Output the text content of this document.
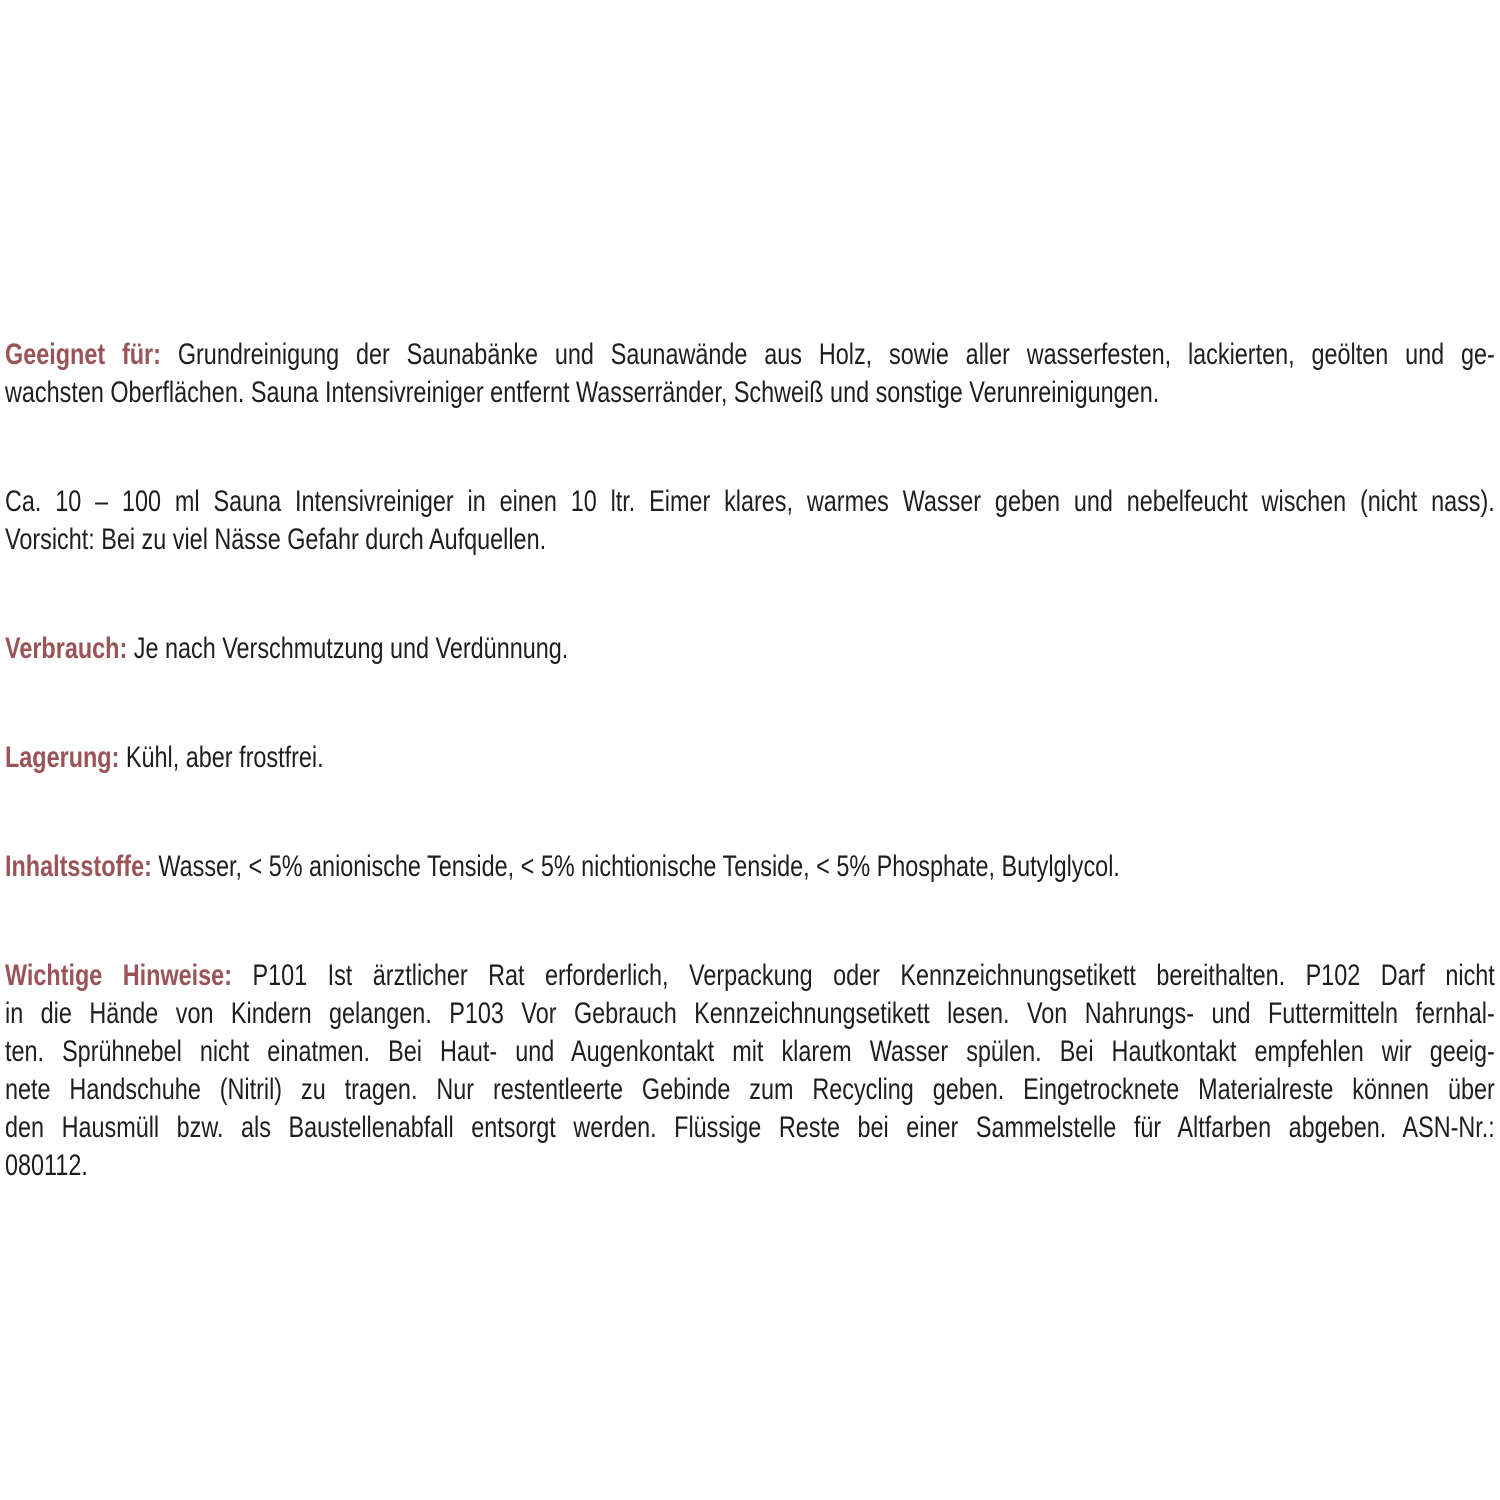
Geeignet für: Grundreinigung der Saunabänke und Saunawände aus Holz, sowie aller wasserfesten, lackierten, geölten und ge-
wachsten Oberflächen. Sauna Intensivreiniger entfernt Wasserränder, Schweiß und sonstige Verunreinigungen.
Ca. 10 – 100 ml Sauna Intensivreiniger in einen 10 ltr. Eimer klares, warmes Wasser geben und nebelfeucht wischen (nicht nass).
Vorsicht: Bei zu viel Nässe Gefahr durch Aufquellen.
Verbrauch: Je nach Verschmutzung und Verdünnung.
Lagerung: Kühl, aber frostfrei.
Inhaltsstoffe: Wasser, < 5% anionische Tenside, < 5% nichtionische Tenside, < 5% Phosphate, Butylglycol.
Wichtige Hinweise: P101 Ist ärztlicher Rat erforderlich, Verpackung oder Kennzeichnungsetikett bereithalten. P102 Darf nicht
in die Hände von Kindern gelangen. P103 Vor Gebrauch Kennzeichnungsetikett lesen. Von Nahrungs- und Futtermitteln fernhal-
ten. Sprühnebel nicht einatmen. Bei Haut- und Augenkontakt mit klarem Wasser spülen. Bei Hautkontakt empfehlen wir geeig-
nete Handschuhe (Nitril) zu tragen. Nur restentleerte Gebinde zum Recycling geben. Eingetrocknete Materialreste können über
den Hausmüll bzw. als Baustellenabfall entsorgt werden. Flüssige Reste bei einer Sammelstelle für Altfarben abgeben. ASN-Nr.:
080112.
